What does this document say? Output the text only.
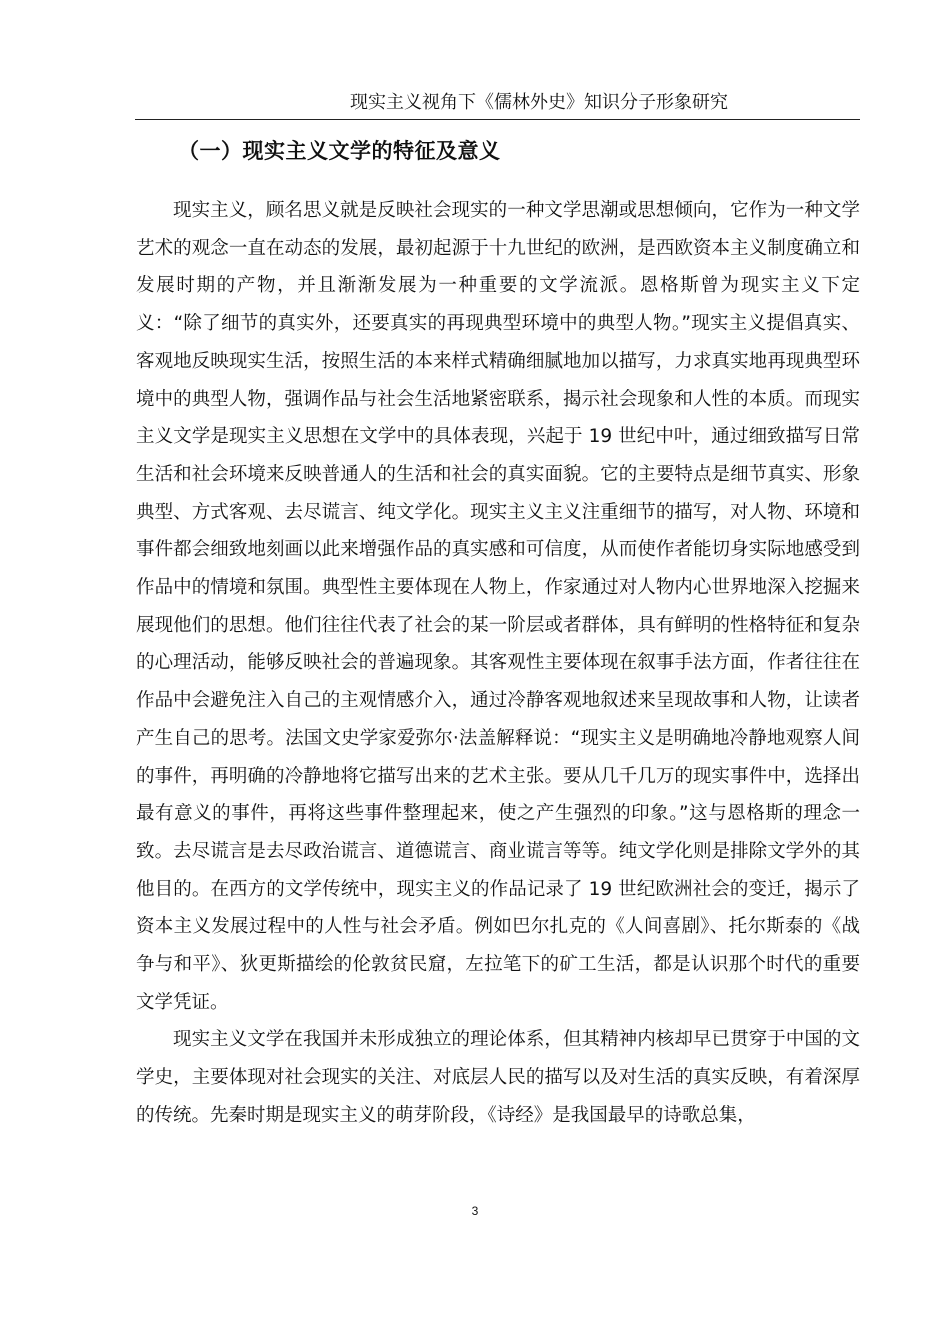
现实主义视角下《儒林外史》知识分子形象研究
（一）现实主义文学的特征及意义

现实主义，顾名思义就是反映社会现实的一种文学思潮或思想倾向，它作为一种文学艺术的观念一直在动态的发展，最初起源于十九世纪的欧洲，是西欧资本主义制度确立和发展时期的产物，并且渐渐发展为一种重要的文学流派。恩格斯曾为现实主义下定义：“除了细节的真实外，还要真实的再现典型环境中的典型人物。”现实主义提倡真实、客观地反映现实生活，按照生活的本来样式精确细腻地加以描写，力求真实地再现典型环境中的典型人物，强调作品与社会生活地紧密联系，揭示社会现象和人性的本质。而现实主义文学是现实主义思想在文学中的具体表现，兴起于 19 世纪中叶，通过细致描写日常生活和社会环境来反映普通人的生活和社会的真实面貌。它的主要特点是细节真实、形象典型、方式客观、去尽谎言、纯文学化。现实主义主义注重细节的描写，对人物、环境和事件都会细致地刻画以此来增强作品的真实感和可信度，从而使作者能切身实际地感受到作品中的情境和氛围。典型性主要体现在人物上，作家通过对人物内心世界地深入挖掘来展现他们的思想。他们往往代表了社会的某一阶层或者群体，具有鲜明的性格特征和复杂的心理活动，能够反映社会的普遍现象。其客观性主要体现在叙事手法方面，作者往往在作品中会避免注入自己的主观情感介入，通过冷静客观地叙述来呈现故事和人物，让读者产生自己的思考。法国文史学家爱弥尔·法盖解释说：“现实主义是明确地冷静地观察人间的事件，再明确的冷静地将它描写出来的艺术主张。要从几千几万的现实事件中，选择出最有意义的事件，再将这些事件整理起来，使之产生强烈的印象。”这与恩格斯的理念一致。去尽谎言是去尽政治谎言、道德谎言、商业谎言等等。纯文学化则是排除文学外的其他目的。在西方的文学传统中，现实主义的作品记录了 19 世纪欧洲社会的变迁，揭示了资本主义发展过程中的人性与社会矛盾。例如巴尔扎克的《人间喜剧》、托尔斯泰的《战争与和平》、狄更斯描绘的伦敦贫民窟，左拉笔下的矿工生活，都是认识那个时代的重要文学凭证。

现实主义文学在我国并未形成独立的理论体系，但其精神内核却早已贯穿于中国的文学史，主要体现对社会现实的关注、对底层人民的描写以及对生活的真实反映，有着深厚的传统。先秦时期是现实主义的萌芽阶段，《诗经》是我国最早的诗歌总集，

3
